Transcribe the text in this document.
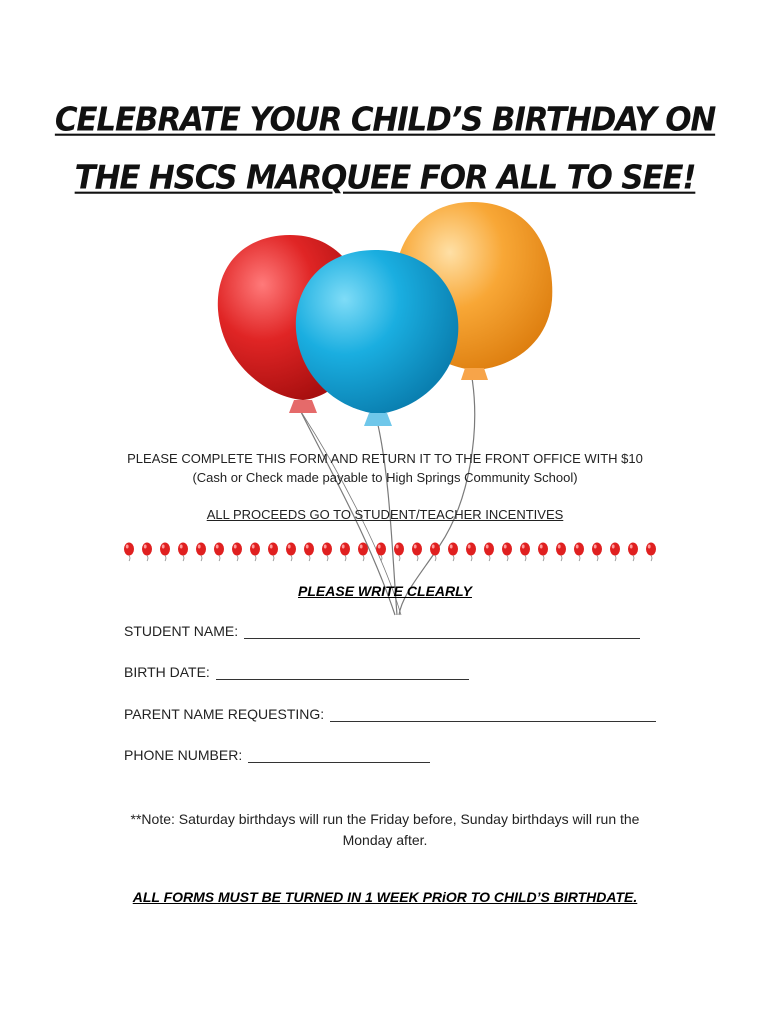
CELEBRATE YOUR CHILD’S BIRTHDAY ON
THE HSCS MARQUEE FOR ALL TO SEE!
PLEASE COMPLETE THIS FORM AND RETURN IT TO THE FRONT OFFICE WITH $10
(Cash or Check made payable to High Springs Community School)
ALL PROCEEDS GO TO STUDENT/TEACHER INCENTIVES
PLEASE WRITE CLEARLY
STUDENT NAME:
BIRTH DATE:
PARENT NAME REQUESTING:
PHONE NUMBER:
**Note: Saturday birthdays will run the Friday before, Sunday birthdays will run the
Monday after.
ALL FORMS MUST BE TURNED IN 1 WEEK PRiOR TO CHILD’S BIRTHDATE.
